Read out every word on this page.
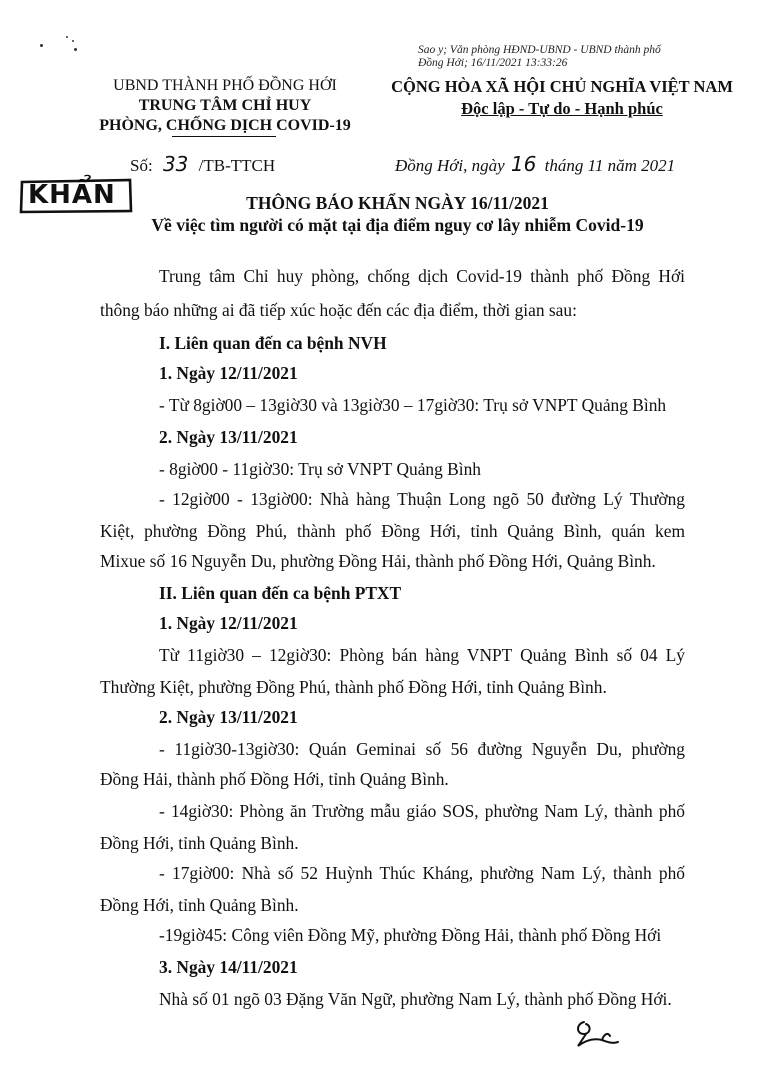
Sao y; Văn phòng HĐND-UBND - UBND thành phố
Đồng Hới; 16/11/2021 13:33:26
UBND THÀNH PHỐ ĐỒNG HỚI
TRUNG TÂM CHỈ HUY
PHÒNG, CHỐNG DỊCH COVID-19
CỘNG HÒA XÃ HỘI CHỦ NGHĨA VIỆT NAM
Độc lập - Tự do - Hạnh phúc
Số: 33 /TB-TTCH	Đồng Hới, ngày 16 tháng 11 năm 2021
KHẨN	THÔNG BÁO KHẨN NGÀY 16/11/2021
Về việc tìm người có mặt tại địa điểm nguy cơ lây nhiễm Covid-19
Trung tâm Chỉ huy phòng, chống dịch Covid-19 thành phố Đồng Hới
thông báo những ai đã tiếp xúc hoặc đến các địa điểm, thời gian sau:
I. Liên quan đến ca bệnh NVH
1. Ngày 12/11/2021
- Từ 8giờ00 – 13giờ30 và 13giờ30 – 17giờ30: Trụ sở VNPT Quảng Bình
2. Ngày 13/11/2021
- 8giờ00 - 11giờ30: Trụ sở VNPT Quảng Bình
- 12giờ00 - 13giờ00: Nhà hàng Thuận Long ngõ 50 đường Lý Thường
Kiệt, phường Đồng Phú, thành phố Đồng Hới, tỉnh Quảng Bình, quán kem
Mixue số 16 Nguyễn Du, phường Đồng Hải, thành phố Đồng Hới, Quảng Bình.
II. Liên quan đến ca bệnh PTXT
1. Ngày 12/11/2021
Từ 11giờ30 – 12giờ30: Phòng bán hàng VNPT Quảng Bình số 04 Lý
Thường Kiệt, phường Đồng Phú, thành phố Đồng Hới, tỉnh Quảng Bình.
2. Ngày 13/11/2021
- 11giờ30-13giờ30: Quán Geminai số 56 đường Nguyễn Du, phường
Đồng Hải, thành phố Đồng Hới, tỉnh Quảng Bình.
- 14giờ30: Phòng ăn Trường mẫu giáo SOS, phường Nam Lý, thành phố
Đồng Hới, tỉnh Quảng Bình.
- 17giờ00: Nhà số 52 Huỳnh Thúc Kháng, phường Nam Lý, thành phố
Đồng Hới, tỉnh Quảng Bình.
-19giờ45: Công viên Đồng Mỹ, phường Đồng Hải, thành phố Đồng Hới
3. Ngày 14/11/2021
Nhà số 01 ngõ 03 Đặng Văn Ngữ, phường Nam Lý, thành phố Đồng Hới.
